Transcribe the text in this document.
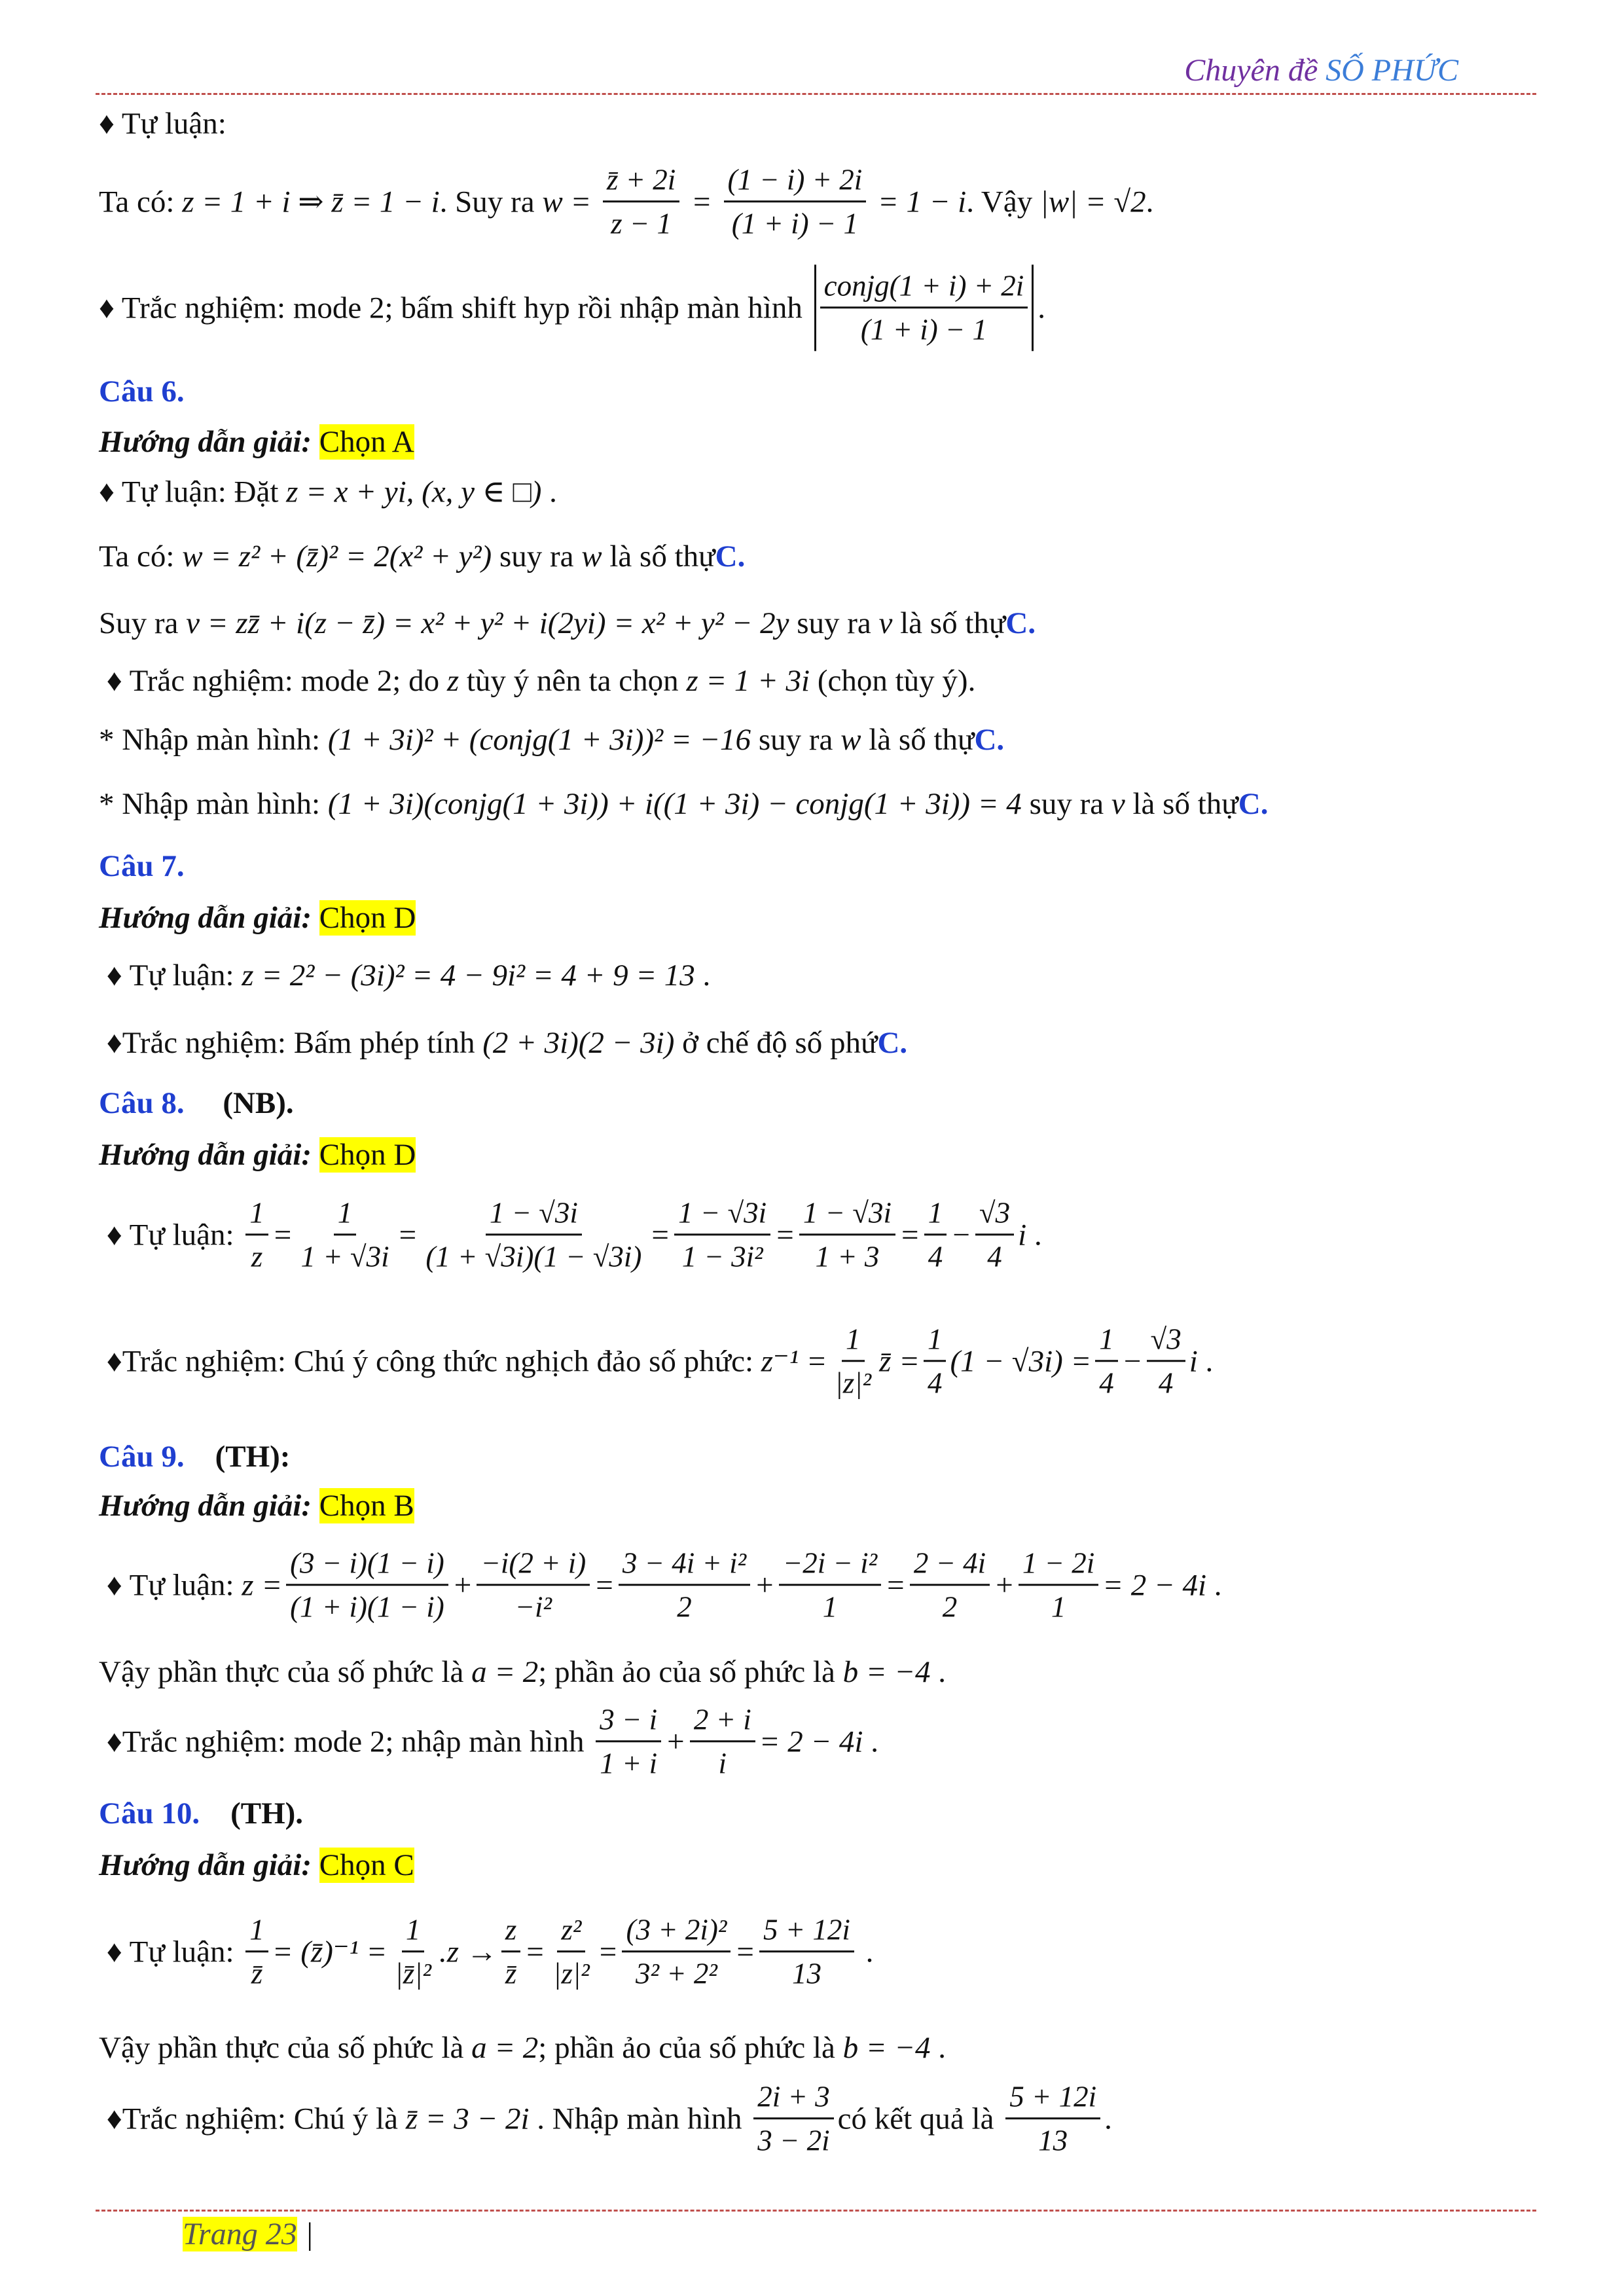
Chuyên đề SỐ PHỨC
♦ Tự luận:
Ta có: z = 1 + i ⇒ z̄ = 1 − i . Suy ra $w = \frac{z̄ + 2i}{z - 1} = \frac{(1 - i) + 2i}{(1 + i) - 1} = 1 - i$ . Vậy |w| = √2 .
♦ Trắc nghiệm: mode 2; bấm shift hyp rồi nhập màn hình $\frac{\text{conjg(1 + i) + 2i}}{(1 + i) - 1}$ .
Câu 6.
Hướng dẫn giải: Chọn A
♦ Tự luận: Đặt z = x + yi, (x, y ∈ □) .
Ta có: w = z² + (z̄)² = 2(x² + y²) suy ra w là số thự C.
Suy ra v = zz̄ + i(z − z̄) = x² + y² + i(2yi) = x² + y² − 2y suy ra v là số thự C.
♦ Trắc nghiệm: mode 2; do z tùy ý nên ta chọn z = 1 + 3i (chọn tùy ý).
* Nhập màn hình: (1 + 3i)² + (conjg(1 + 3i))² = −16 suy ra w là số thự C.
* Nhập màn hình: (1 + 3i)(conjg(1 + 3i)) + i((1 + 3i) − conjg(1 + 3i)) = 4 suy ra v là số thự C.
Câu 7.
Hướng dẫn giải: Chọn D
♦ Tự luận: z = 2² − (3i)² = 4 − 9i² = 4 + 9 = 13 .
♦Trắc nghiệm: Bấm phép tính (2 + 3i)(2 − 3i) ở chế độ số phứ C.
Câu 8. (NB).
Hướng dẫn giải: Chọn D
♦ Tự luận: $\frac{1}{z} = \frac{1}{1 + √3i} = \frac{1 - √3i}{(1 + √3i)(1 - √3i)} = \frac{1 - √3i}{\text{1 − 3i²}} = \frac{1 - √3i}{1 + 3} = \frac{1}{4} - \frac{√3}{4}$ i .
♦Trắc nghiệm: Chú ý công thức nghịch đảo số phức: $z^{-1} = \frac{1}{\text{|z|²}}$ z̄ = $\frac{1}{4} (1 - √3i) = \frac{1}{4} - \frac{√3}{4}$ i .
Câu 9. (TH):
Hướng dẫn giải: Chọn B
♦ Tự luận: $z = \frac{(3 - i)(1 - i)}{(1 + i)(1 - i)} + \frac{-i(2 + i)}{\text{−i²}} = \frac{\text{3 − 4i + i²}}{2} + \frac{\text{−2i − i²}}{1} = \frac{2 - 4i}{2} + \frac{1 - 2i}{1} = 2 - 4i$ .
Vậy phần thực của số phức là a = 2 ; phần ảo của số phức là b = −4 .
♦Trắc nghiệm: mode 2; nhập màn hình $\frac{3 - i}{1 + i} + \frac{2 + i}{i} = 2 - 4i$ .
Câu 10. (TH).
Hướng dẫn giải: Chọn C
♦ Tự luận: $\frac{1}{z̄}$ = (z̄)⁻¹ = $\frac{1}{\text{|z̄|²}} .z \to \frac{z}{z̄} = \frac{\text{z²}}{\text{|z|²}} = \frac{\text{(3 + 2i)²}}{\text{3² + 2²}} = \frac{5 + 12i}{13}$ .
Vậy phần thực của số phức là a = 2 ; phần ảo của số phức là b = −4 .
♦Trắc nghiệm: Chú ý là z̄ = 3 − 2i . Nhập màn hình $\frac{2i + 3}{3 - 2i}$ có kết quả là $\frac{5 + 12i}{13}$ .
Trang 23 |
